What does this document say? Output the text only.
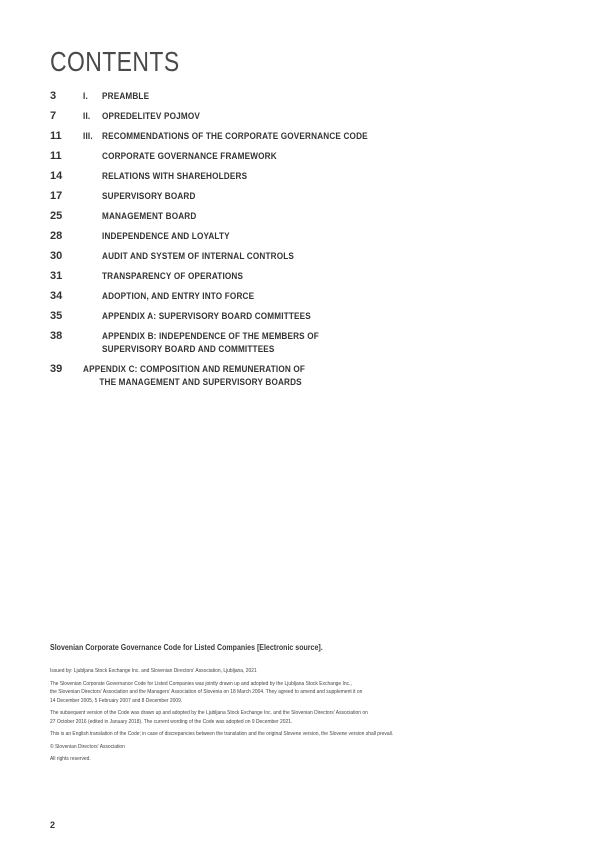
CONTENTS
3	I. PREAMBLE
7	II. OPREDELITEV POJMOV
11 III. RECOMMENDATIONS OF THE CORPORATE GOVERNANCE CODE
11	CORPORATE GOVERNANCE FRAMEWORK
14	RELATIONS WITH SHAREHOLDERS
17	SUPERVISORY BOARD
25	MANAGEMENT BOARD
28	INDEPENDENCE AND LOYALTY
30	AUDIT AND SYSTEM OF INTERNAL CONTROLS
31	TRANSPARENCY OF OPERATIONS
34	ADOPTION, AND ENTRY INTO FORCE
35	APPENDIX A: SUPERVISORY BOARD COMMITTEES
38	APPENDIX B: INDEPENDENCE OF THE MEMBERS OF
SUPERVISORY BOARD AND COMMITTEES
39 APPENDIX C: COMPOSITION AND REMUNERATION OF
THE MANAGEMENT AND SUPERVISORY BOARDS
Slovenian Corporate Governance Code for Listed Companies [Electronic source].
Issued by: Ljubljana Stock Exchange Inc. and Slovenian Directors' Association, Ljubljana, 2021
The Slovenian Corporate Governance Code for Listed Companies was jointly drawn up and adopted by the Ljubljana Stock Exchange Inc.,
the Slovenian Directors' Association and the Managers' Association of Slovenia on 18 March 2004. They agreed to amend and supplement it on
14 December 2005, 5 February 2007 and 8 December 2009.
The subsequent version of the Code was drawn up and adopted by the Ljubljana Stock Exchange Inc. and the Slovenian Directors' Association on
27 October 2016 (edited in January 2018). The current wording of the Code was adopted on 9 December 2021.
This is an English translation of the Code; in case of discrepancies between the translation and the original Slovene version, the Slovene version shall prevail.
© Slovenian Directors' Association
All rights reserved.
2
